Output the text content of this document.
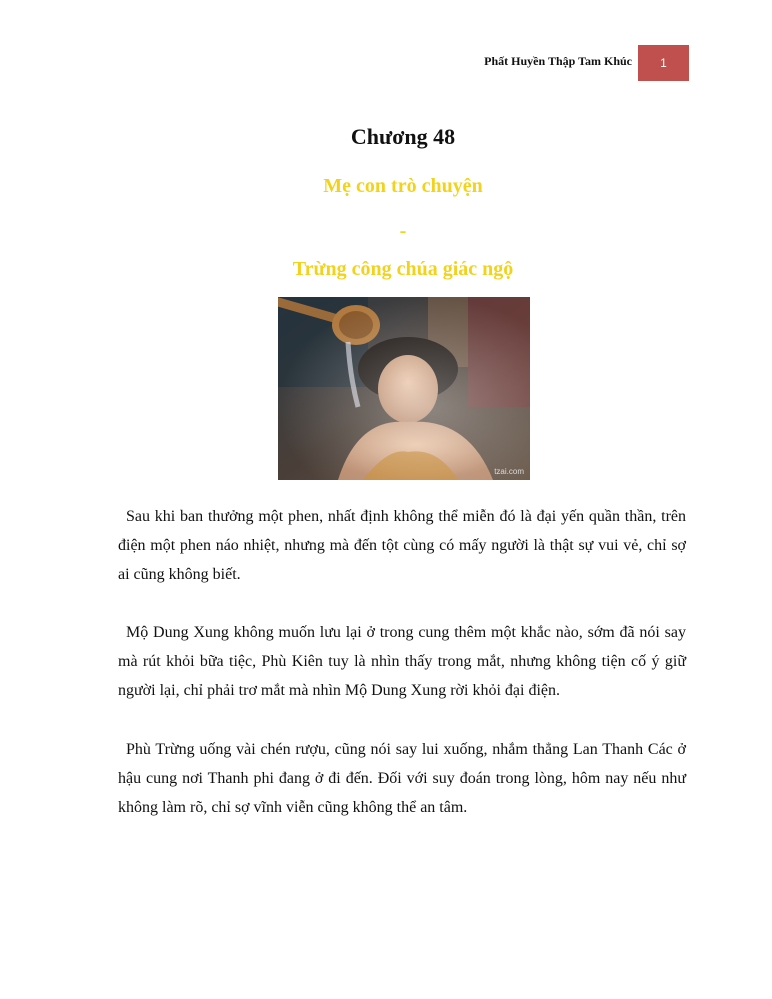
Phất Huyền Thập Tam Khúc 1
Chương 48
Mẹ con trò chuyện
-
Trừng công chúa giác ngộ
tzai.com

Sau khi ban thưởng một phen, nhất định không thể miễn đó là đại yến quần thần, trên điện một phen náo nhiệt, nhưng mà đến tột cùng có mấy người là thật sự vui vẻ, chỉ sợ ai cũng không biết.

Mộ Dung Xung không muốn lưu lại ở trong cung thêm một khắc nào, sớm đã nói say mà rút khỏi bữa tiệc, Phù Kiên tuy là nhìn thấy trong mắt, nhưng không tiện cố ý giữ người lại, chỉ phải trơ mắt mà nhìn Mộ Dung Xung rời khỏi đại điện.

Phù Trừng uống vài chén rượu, cũng nói say lui xuống, nhắm thẳng Lan Thanh Các ở hậu cung nơi Thanh phi đang ở đi đến. Đối với suy đoán trong lòng, hôm nay nếu như không làm rõ, chỉ sợ vĩnh viễn cũng không thể an tâm.
